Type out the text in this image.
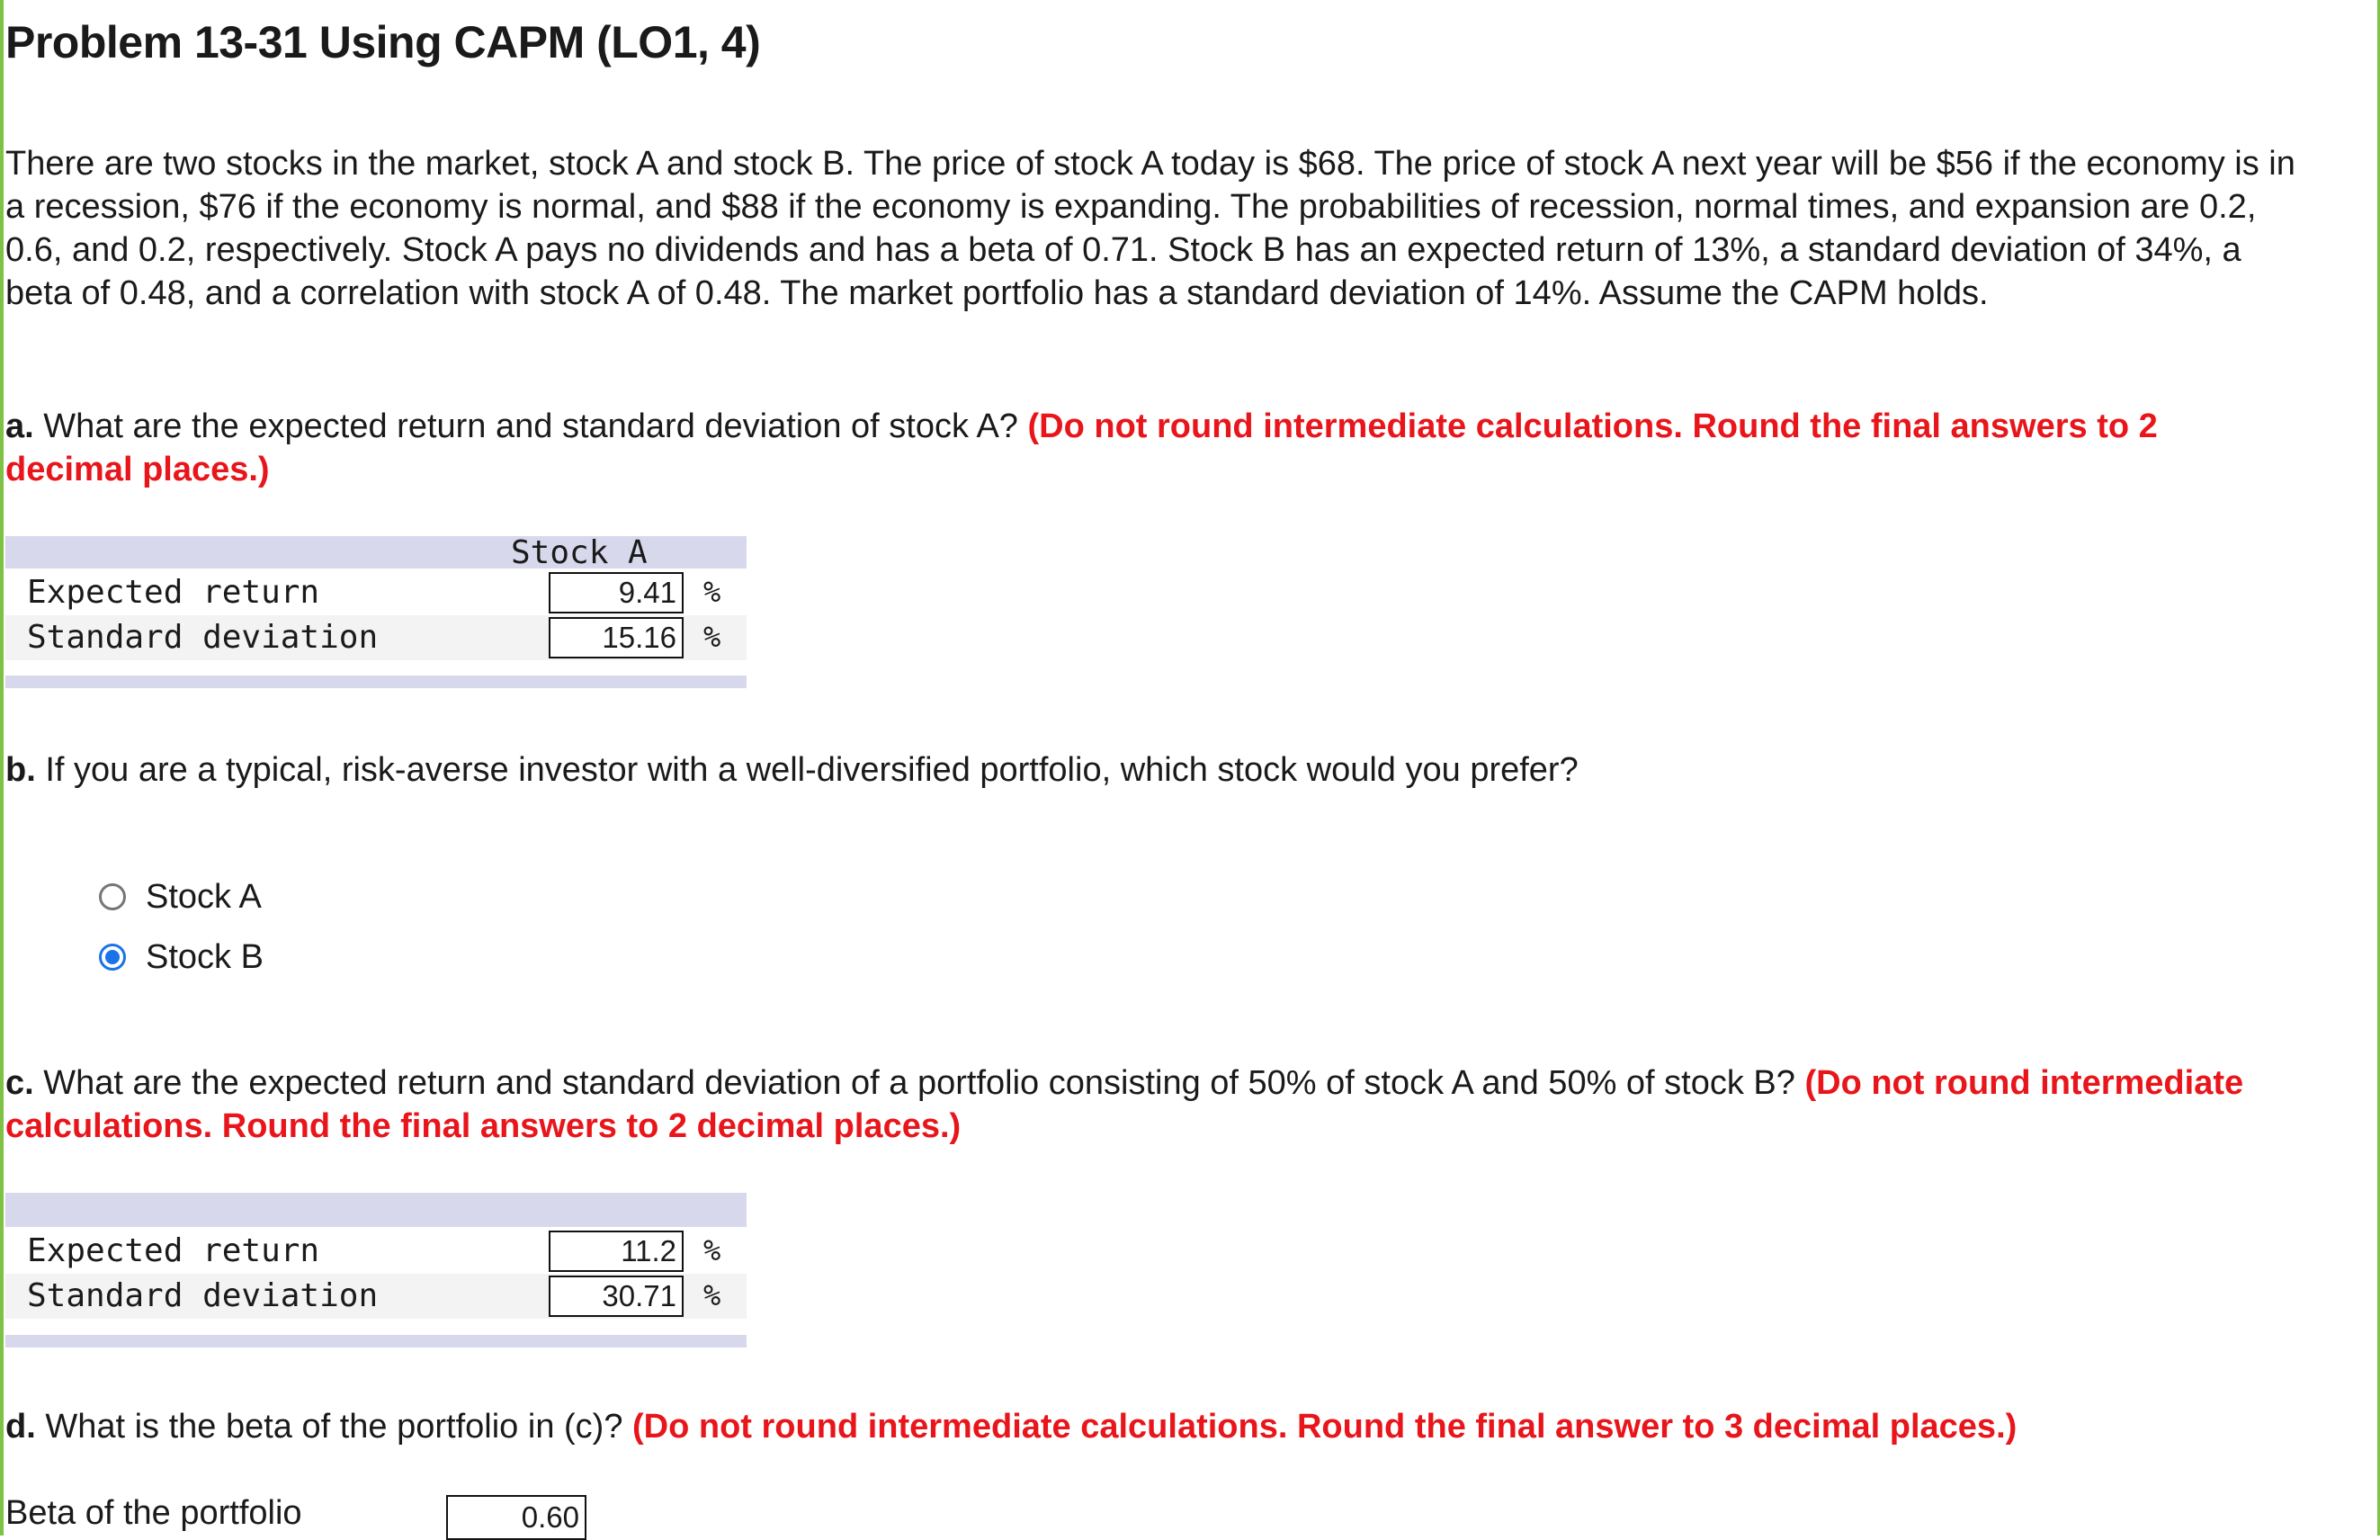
Problem 13-31 Using CAPM (LO1, 4)

There are two stocks in the market, stock A and stock B. The price of stock A today is $68. The price of stock A next year will be $56 if the economy is in a recession, $76 if the economy is normal, and $88 if the economy is expanding. The probabilities of recession, normal times, and expansion are 0.2, 0.6, and 0.2, respectively. Stock A pays no dividends and has a beta of 0.71. Stock B has an expected return of 13%, a standard deviation of 34%, a beta of 0.48, and a correlation with stock A of 0.48. The market portfolio has a standard deviation of 14%. Assume the CAPM holds.

a. What are the expected return and standard deviation of stock A? (Do not round intermediate calculations. Round the final answers to 2 decimal places.)

Stock A
Expected return	9.41 %
Standard deviation	15.16 %

b. If you are a typical, risk-averse investor with a well-diversified portfolio, which stock would you prefer?

Stock A
Stock B

c. What are the expected return and standard deviation of a portfolio consisting of 50% of stock A and 50% of stock B? (Do not round intermediate calculations. Round the final answers to 2 decimal places.)

Expected return	11.2 %
Standard deviation	30.71 %

d. What is the beta of the portfolio in (c)? (Do not round intermediate calculations. Round the final answer to 3 decimal places.)

Beta of the portfolio	0.60
